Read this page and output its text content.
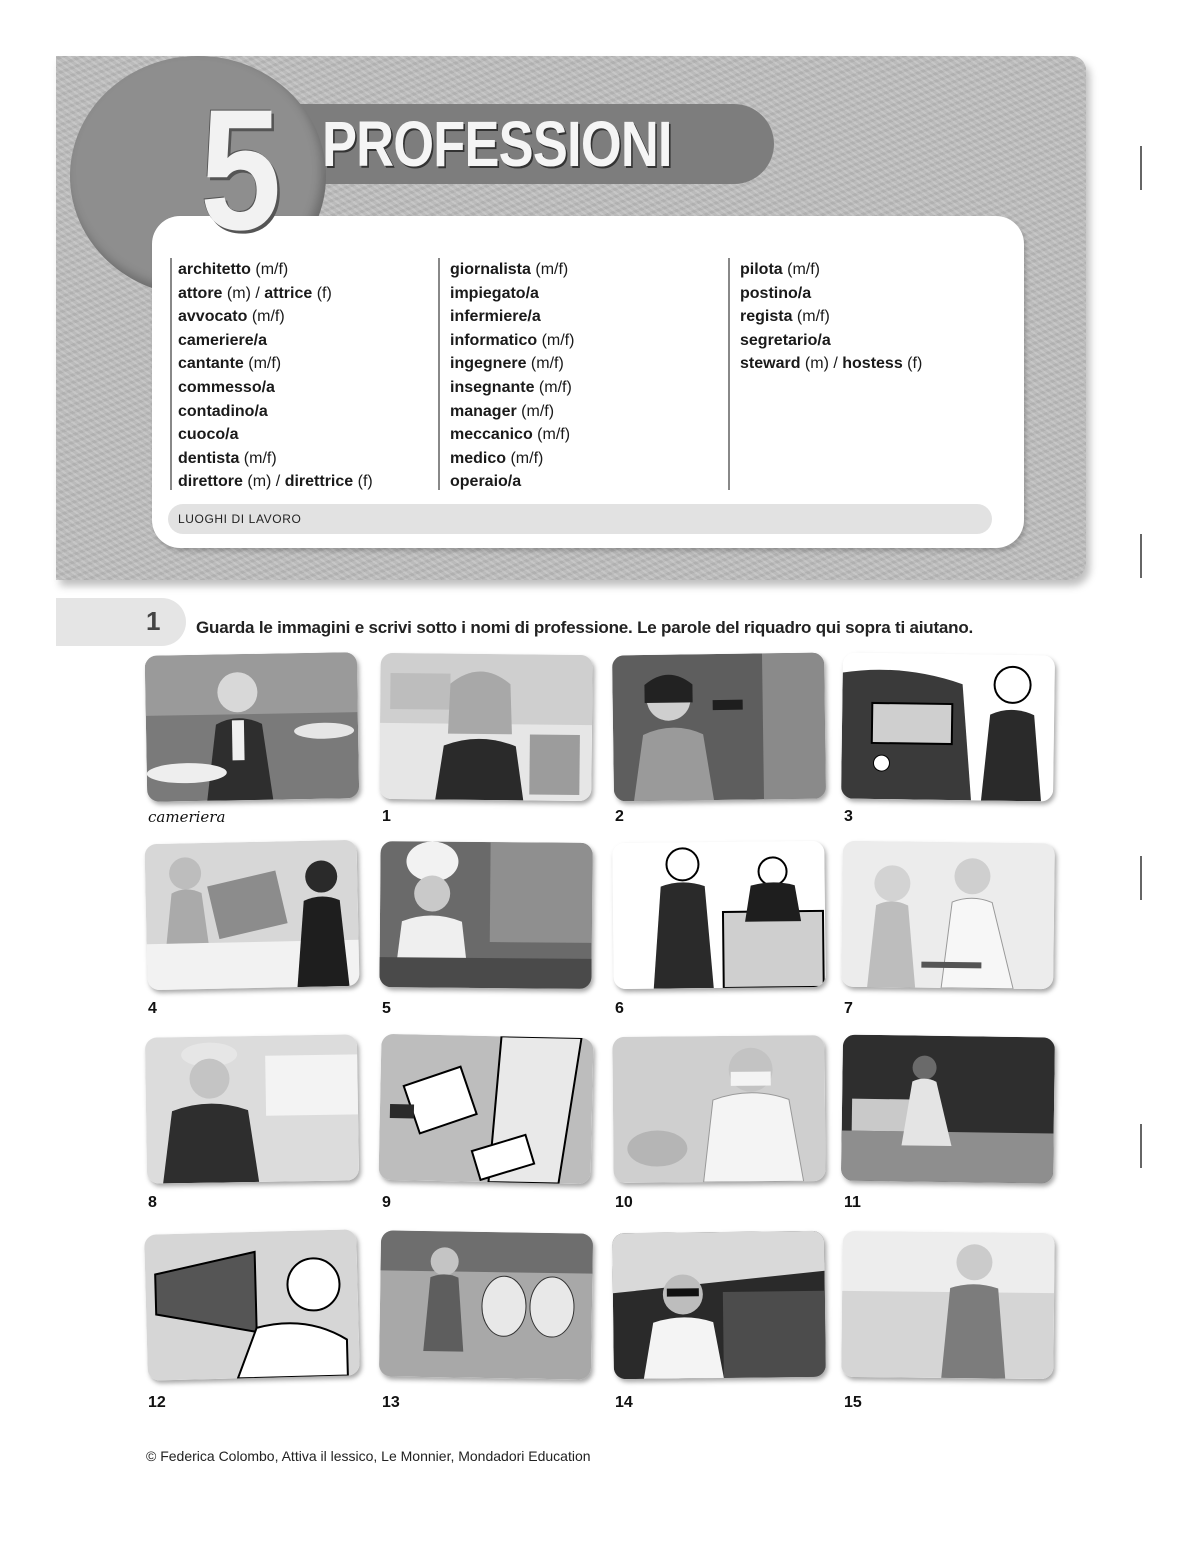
5 PROFESSIONI
architetto (m/f)
attore (m) / attrice (f)
avvocato (m/f)
cameriere/a
cantante (m/f)
commesso/a
contadino/a
cuoco/a
dentista (m/f)
direttore (m) / direttrice (f)
giornalista (m/f)
impiegato/a
infermiere/a
informatico (m/f)
ingegnere (m/f)
insegnante (m/f)
manager (m/f)
meccanico (m/f)
medico (m/f)
operaio/a
pilota (m/f)
postino/a
regista (m/f)
segretario/a
steward (m) / hostess (f)
LUOGHI DI LAVORO
1 Guarda le immagini e scrivi sotto i nomi di professione. Le parole del riquadro qui sopra ti aiutano.
cameriera	1	2	3
4	5	6	7
8	9	10	11
12	13	14	15
© Federica Colombo, Attiva il lessico, Le Monnier, Mondadori Education
